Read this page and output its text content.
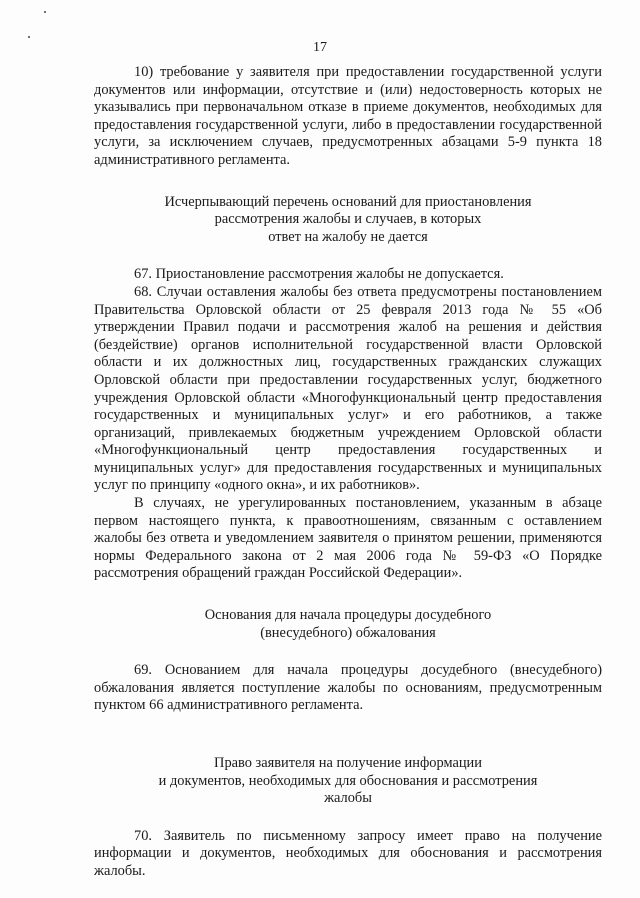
17

10) требование у заявителя при предоставлении государственной услуги документов или информации, отсутствие и (или) недостоверность которых не указывались при первоначальном отказе в приеме документов, необходимых для предоставления государственной услуги, либо в предоставлении государственной услуги, за исключением случаев, предусмотренных абзацами 5-9 пункта 18 административного регламента.

Исчерпывающий перечень оснований для приостановления
рассмотрения жалобы и случаев, в которых
ответ на жалобу не дается

67. Приостановление рассмотрения жалобы не допускается.

68. Случаи оставления жалобы без ответа предусмотрены постановлением Правительства Орловской области от 25 февраля 2013 года № 55 «Об утверждении Правил подачи и рассмотрения жалоб на решения и действия (бездействие) органов исполнительной государственной власти Орловской области и их должностных лиц, государственных гражданских служащих Орловской области при предоставлении государственных услуг, бюджетного учреждения Орловской области «Многофункциональный центр предоставления государственных и муниципальных услуг» и его работников, а также организаций, привлекаемых бюджетным учреждением Орловской области «Многофункциональный центр предоставления государственных и муниципальных услуг» для предоставления государственных и муниципальных услуг по принципу «одного окна», и их работников».

В случаях, не урегулированных постановлением, указанным в абзаце первом настоящего пункта, к правоотношениям, связанным с оставлением жалобы без ответа и уведомлением заявителя о принятом решении, применяются нормы Федерального закона от 2 мая 2006 года № 59-ФЗ «О Порядке рассмотрения обращений граждан Российской Федерации».

Основания для начала процедуры досудебного
(внесудебного) обжалования

69. Основанием для начала процедуры досудебного (внесудебного) обжалования является поступление жалобы по основаниям, предусмотренным пунктом 66 административного регламента.

Право заявителя на получение информации
и документов, необходимых для обоснования и рассмотрения
жалобы

70. Заявитель по письменному запросу имеет право на получение информации и документов, необходимых для обоснования и рассмотрения жалобы.
